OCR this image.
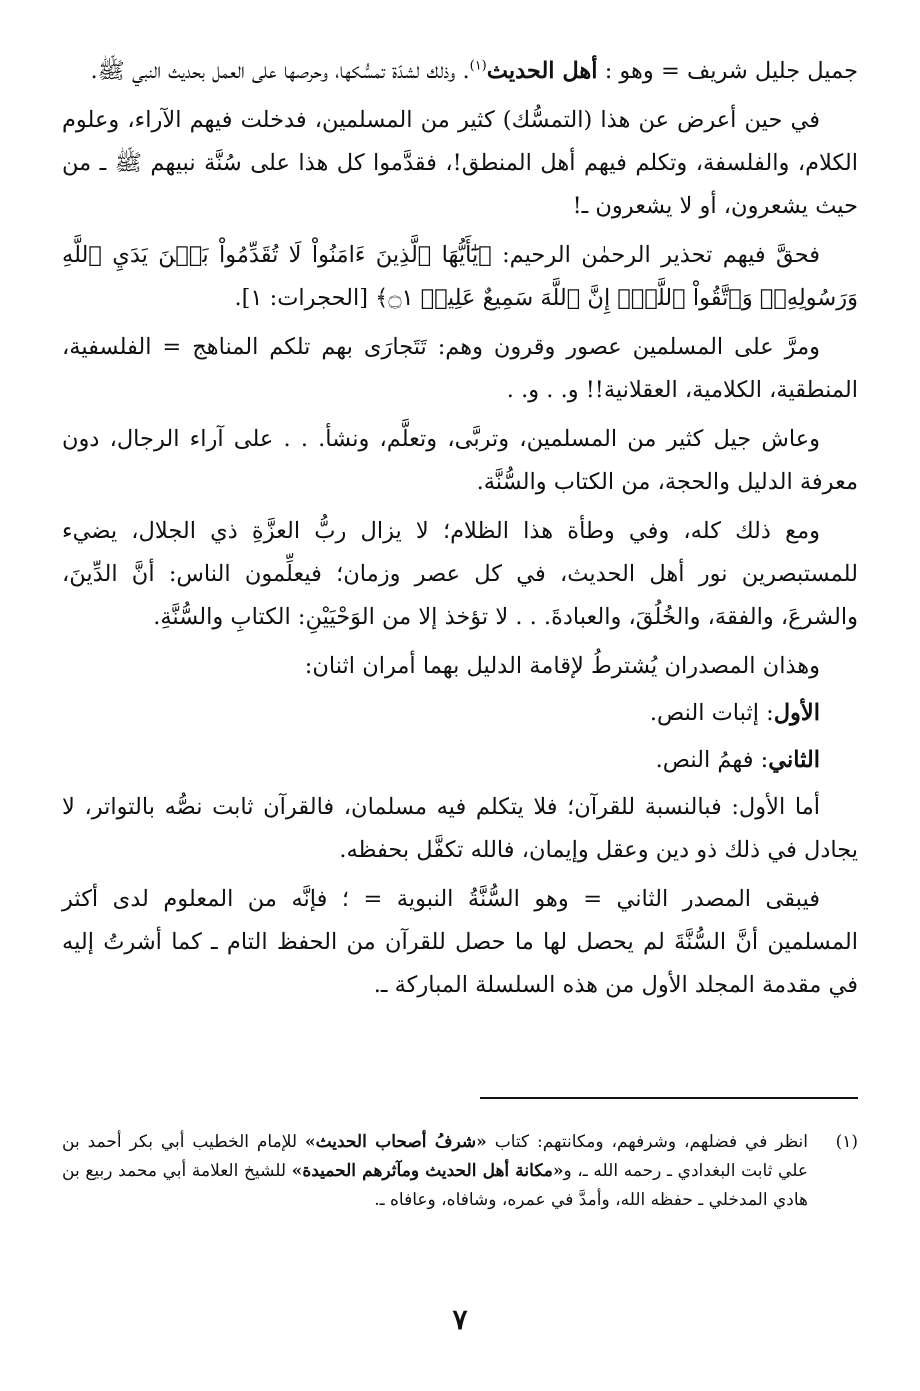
جميل جليل شريف = وهو : أهل الحديث$^{(١)}$. وذلك لشدّة تمسُّكها، وحرصها على العمل بحديث النبي ﷺ.

في حين أعرض عن هذا (التمسُّك) كثير من المسلمين، فدخلت فيهم الآراء، وعلوم الكلام، والفلسفة، وتكلم فيهم أهل المنطق!، فقدَّموا كل هذا على سُنَّة نبيهم ﷺ ـ من حيث يشعرون، أو لا يشعرون ـ!

فحقَّ فيهم تحذير الرحمٰن الرحيم: ﴿يَٰٓأَيُّهَا ٱلَّذِينَ ءَامَنُواْ لَا تُقَدِّمُواْ بَيۡنَ يَدَيِ ٱللَّهِ وَرَسُولِهِۦۖ وَٱتَّقُواْ ٱللَّهَۚ إِنَّ ٱللَّهَ سَمِيعٌ عَلِيمٞ ۝١﴾ [الحجرات: ١].

ومرَّ على المسلمين عصور وقرون وهم: تَتَجارَى بهم تلكم المناهج = الفلسفية، المنطقية، الكلامية، العقلانية!! و. . و. .

وعاش جيل كثير من المسلمين، وتربَّى، وتعلَّم، ونشأ. . . على آراء الرجال، دون معرفة الدليل والحجة، من الكتاب والسُّنَّة.

ومع ذلك كله، وفي وطأة هذا الظلام؛ لا يزال ربُّ العزَّةِ ذي الجلال، يضيء للمستبصرين نور أهل الحديث، في كل عصر وزمان؛ فيعلِّمون الناس: أنَّ الدِّينَ، والشرعَ، والفقهَ، والخُلُقَ، والعبادةَ. . . لا تؤخذ إلا من الوَحْيَيْنِ: الكتابِ والسُّنَّةِ.

وهذان المصدران يُشترطُ لإقامة الدليل بهما أمران اثنان:

الأول: إثبات النص.

الثاني: فهمُ النص.

أما الأول: فبالنسبة للقرآن؛ فلا يتكلم فيه مسلمان، فالقرآن ثابت نصُّه بالتواتر، لا يجادل في ذلك ذو دين وعقل وإيمان، فالله تكفَّل بحفظه.

فيبقى المصدر الثاني = وهو السُّنَّةُ النبوية = ؛ فإنَّه من المعلوم لدى أكثر المسلمين أنَّ السُّنَّةَ لم يحصل لها ما حصل للقرآن من الحفظ التام ـ كما أشرتُ إليه في مقدمة المجلد الأول من هذه السلسلة المباركة ـ.

(١)
انظر في فضلهم، وشرفهم، ومكانتهم: كتاب «شرفُ أصحاب الحديث» للإمام الخطيب أبي بكر أحمد بن علي ثابت البغدادي ـ رحمه الله ـ، و«مكانة أهل الحديث ومآثرهم الحميدة» للشيخ العلامة أبي محمد ربيع بن هادي المدخلي ـ حفظه الله، وأمدَّ في عمره، وشافاه، وعافاه ـ.
٧
